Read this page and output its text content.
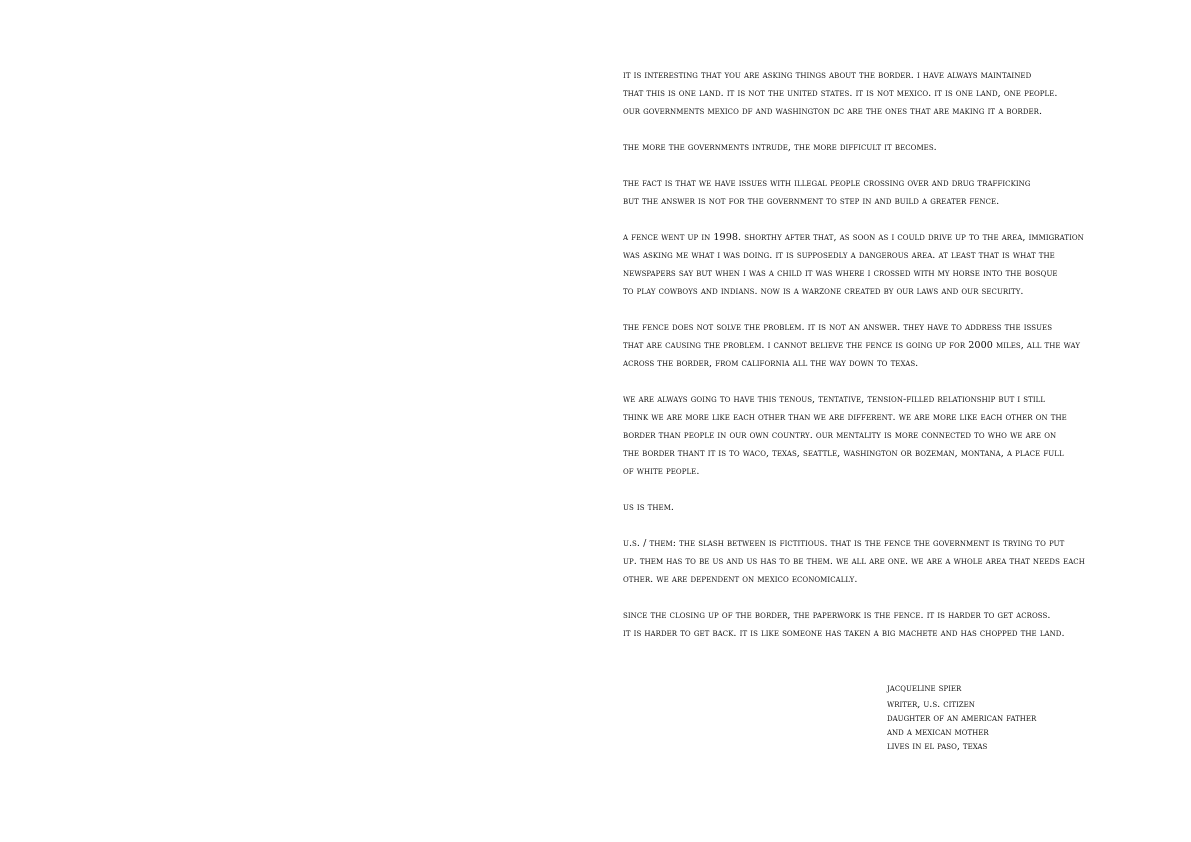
it is interesting that you are asking things about the border. i have always maintained
that this is one land. it is not the united states. it is not mexico. it is one land, one people.
our governments mexico df and washington dc are the ones that are making it a border.

the more the governments intrude, the more difficult it becomes.

the fact is that we have issues with illegal people crossing over and drug trafficking
but the answer is not for the government to step in and build a greater fence.

a fence went up in 1998. shorthy after that, as soon as i could drive up to the area, immigration
was asking me what i was doing. it is supposedly a dangerous area. at least that is what the
newspapers say but when i was a child it was where i crossed with my horse into the bosque
to play cowboys and indians. now is a warzone created by our laws and our security.

the fence does not solve the problem. it is not an answer. they have to address the issues
that are causing the problem. i cannot believe the fence is going up for 2000 miles, all the way
across the border, from california all the way down to texas.

we are always going to have this tenous, tentative, tension-filled relationship but i still
think we are more like each other than we are different. we are more like each other on the
border than people in our own country. our mentality is more connected to who we are on
the border thant it is to waco, texas, seattle, washington or bozeman, montana, a place full
of white people.

us is them.

u.s. / them: the slash between is fictitious. that is the fence the government is trying to put
up. them has to be us and us has to be them. we all are one. we are a whole area that needs each
other. we are dependent on mexico economically.

since the closing up of the border, the paperwork is the fence. it is harder to get across.
it is harder to get back. it is like someone has taken a big machete and has chopped the land.

jacqueline spier
writer, u.s. citizen
daughter of an american father
and a mexican mother
lives in el paso, texas
